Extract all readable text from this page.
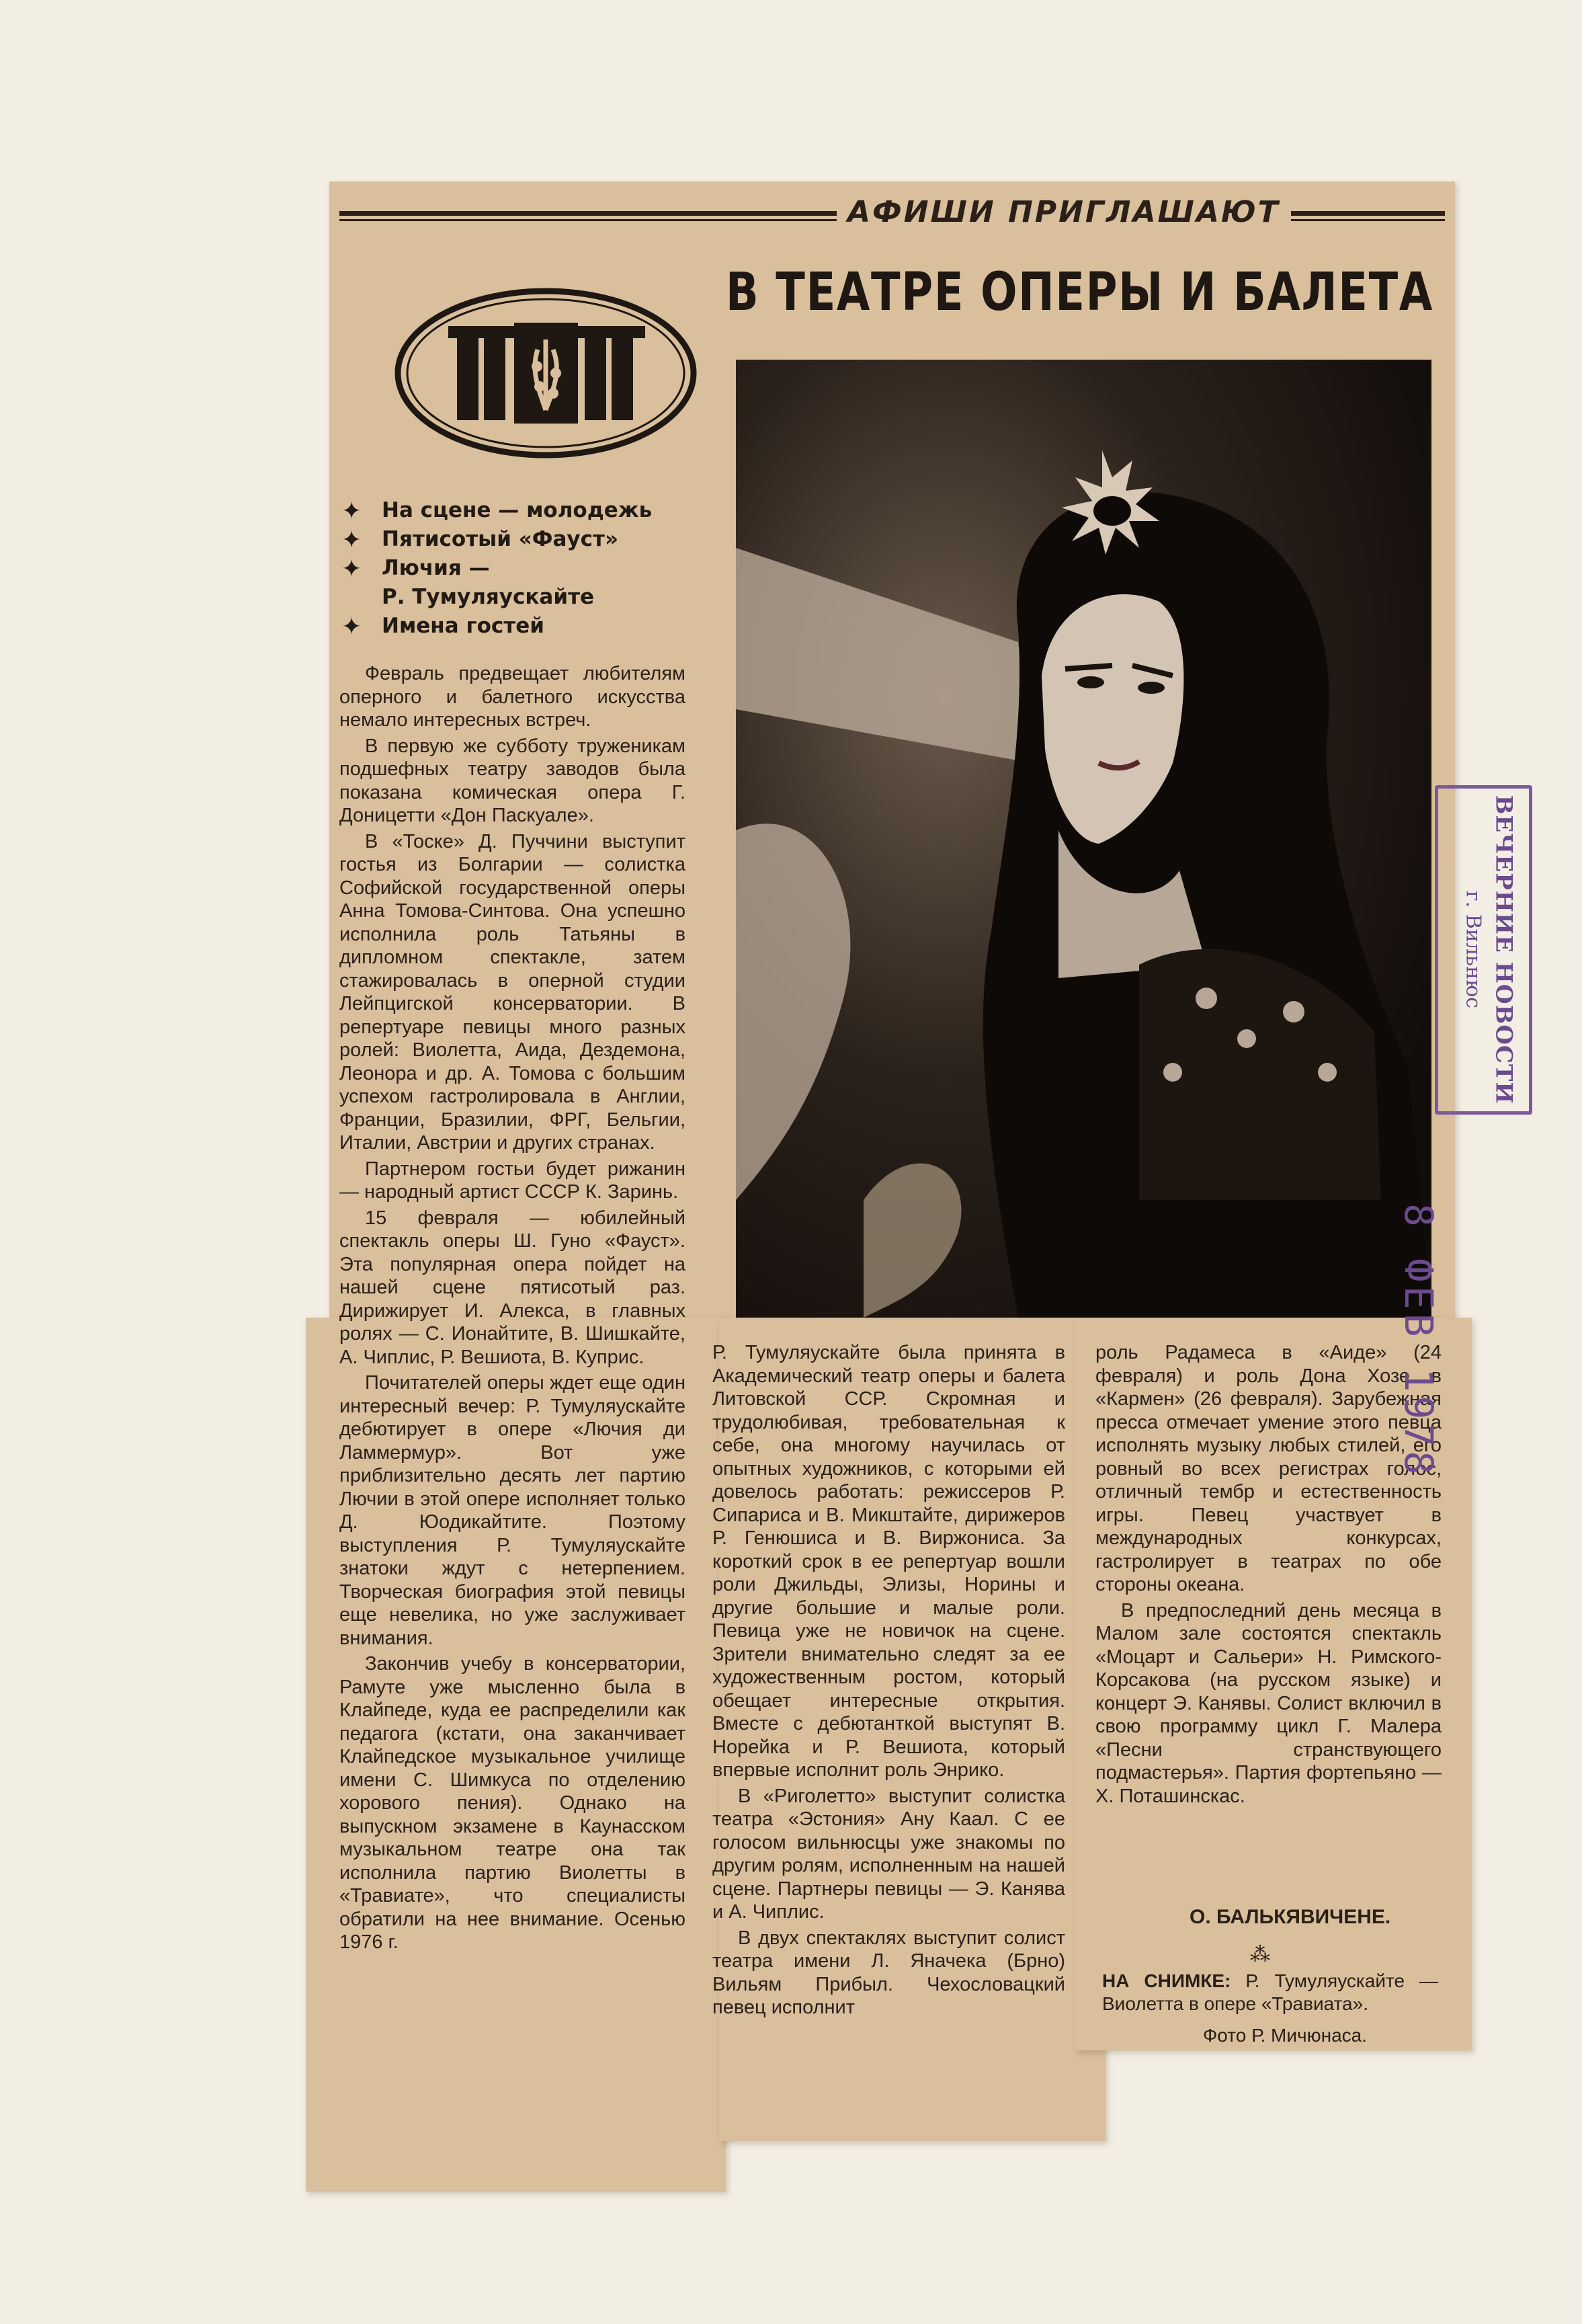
АФИШИ ПРИГЛАШАЮТ
В ТЕАТРЕ ОПЕРЫ И БАЛЕТА
✦ На сцене — молодежь
✦ Пятисотый «Фауст»
✦ Лючия —
Р. Тумуляускайте
✦ Имена гостей

Февраль предвещает любителям оперного и балетного искусства немало интересных встреч.

В первую же субботу труженикам подшефных театру заводов была показана комическая опера Г. Доницетти «Дон Паскуале».

В «Тоске» Д. Пуччини выступит гостья из Болгарии — солистка Софийской государственной оперы Анна Томова-Синтова. Она успешно исполнила роль Татьяны в дипломном спектакле, затем стажировалась в оперной студии Лейпцигской консерватории. В репертуаре певицы много разных ролей: Виолетта, Аида, Дездемона, Леонора и др. А. Томова с большим успехом гастролировала в Англии, Франции, Бразилии, ФРГ, Бельгии, Италии, Австрии и других странах.

Партнером гостьи будет рижанин — народный артист СССР К. Заринь.

15 февраля — юбилейный спектакль оперы Ш. Гуно «Фауст». Эта популярная опера пойдет на нашей сцене пятисотый раз. Дирижирует И. Алекса, в главных ролях — С. Ионайтите, В. Шишкайте, А. Чиплис, Р. Вешиота, В. Куприс.

Почитателей оперы ждет еще один интересный вечер: Р. Тумуляускайте дебютирует в опере «Лючия ди Ламмермур». Вот уже приблизительно десять лет партию Лючии в этой опере исполняет только Д. Юодикайтите. Поэтому выступления Р. Тумуляускайте знатоки ждут с нетерпением. Творческая биография этой певицы еще невелика, но уже заслуживает внимания.

Закончив учебу в консерватории, Рамуте уже мысленно была в Клайпеде, куда ее распределили как педагога (кстати, она заканчивает Клайпедское музыкальное училище имени С. Шимкуса по отделению хорового пения). Однако на выпускном экзамене в Каунасском музыкальном театре она так исполнила партию Виолетты в «Травиате», что специалисты обратили на нее внимание. Осенью 1976 г.

Р. Тумуляускайте была принята в Академический театр оперы и балета Литовской ССР. Скромная и трудолюбивая, требовательная к себе, она многому научилась от опытных художников, с которыми ей довелось работать: режиссеров Р. Сипариса и В. Микштайте, дирижеров Р. Генюшиса и В. Виржониса. За короткий срок в ее репертуар вошли роли Джильды, Элизы, Норины и другие большие и малые роли. Певица уже не новичок на сцене. Зрители внимательно следят за ее художественным ростом, который обещает интересные открытия. Вместе с дебютанткой выступят В. Норейка и Р. Вешиота, который впервые исполнит роль Энрико.

В «Риголетто» выступит солистка театра «Эстония» Ану Каал. С ее голосом вильнюсцы уже знакомы по другим ролям, исполненным на нашей сцене. Партнеры певицы — Э. Канява и А. Чиплис.

В двух спектаклях выступит солист театра имени Л. Яначека (Брно) Вильям Прибыл. Чехословацкий певец исполнит

роль Радамеса в «Аиде» (24 февраля) и роль Дона Хозе в «Кармен» (26 февраля). Зарубежная пресса отмечает умение этого певца исполнять музыку любых стилей, его ровный во всех регистрах голос, отличный тембр и естественность игры. Певец участвует в международных конкурсах, гастролирует в театрах по обе стороны океана.

В предпоследний день месяца в Малом зале состоятся спектакль «Моцарт и Сальери» Н. Римского-Корсакова (на русском языке) и концерт Э. Канявы. Солист включил в свою программу цикл Г. Малера «Песни странствующего подмастерья». Партия фортепьяно — Х. Поташинскас.

О. БАЛЬКЯВИЧЕНЕ.
⁂
НА СНИМКЕ: Р. Тумуляускайте — Виолетта в опере «Травиата».
Фото Р. Мичюнаса.
ВЕЧЕРНИЕ НОВОСТИ
г. Вильнюс
8 ФЕВ 1978
